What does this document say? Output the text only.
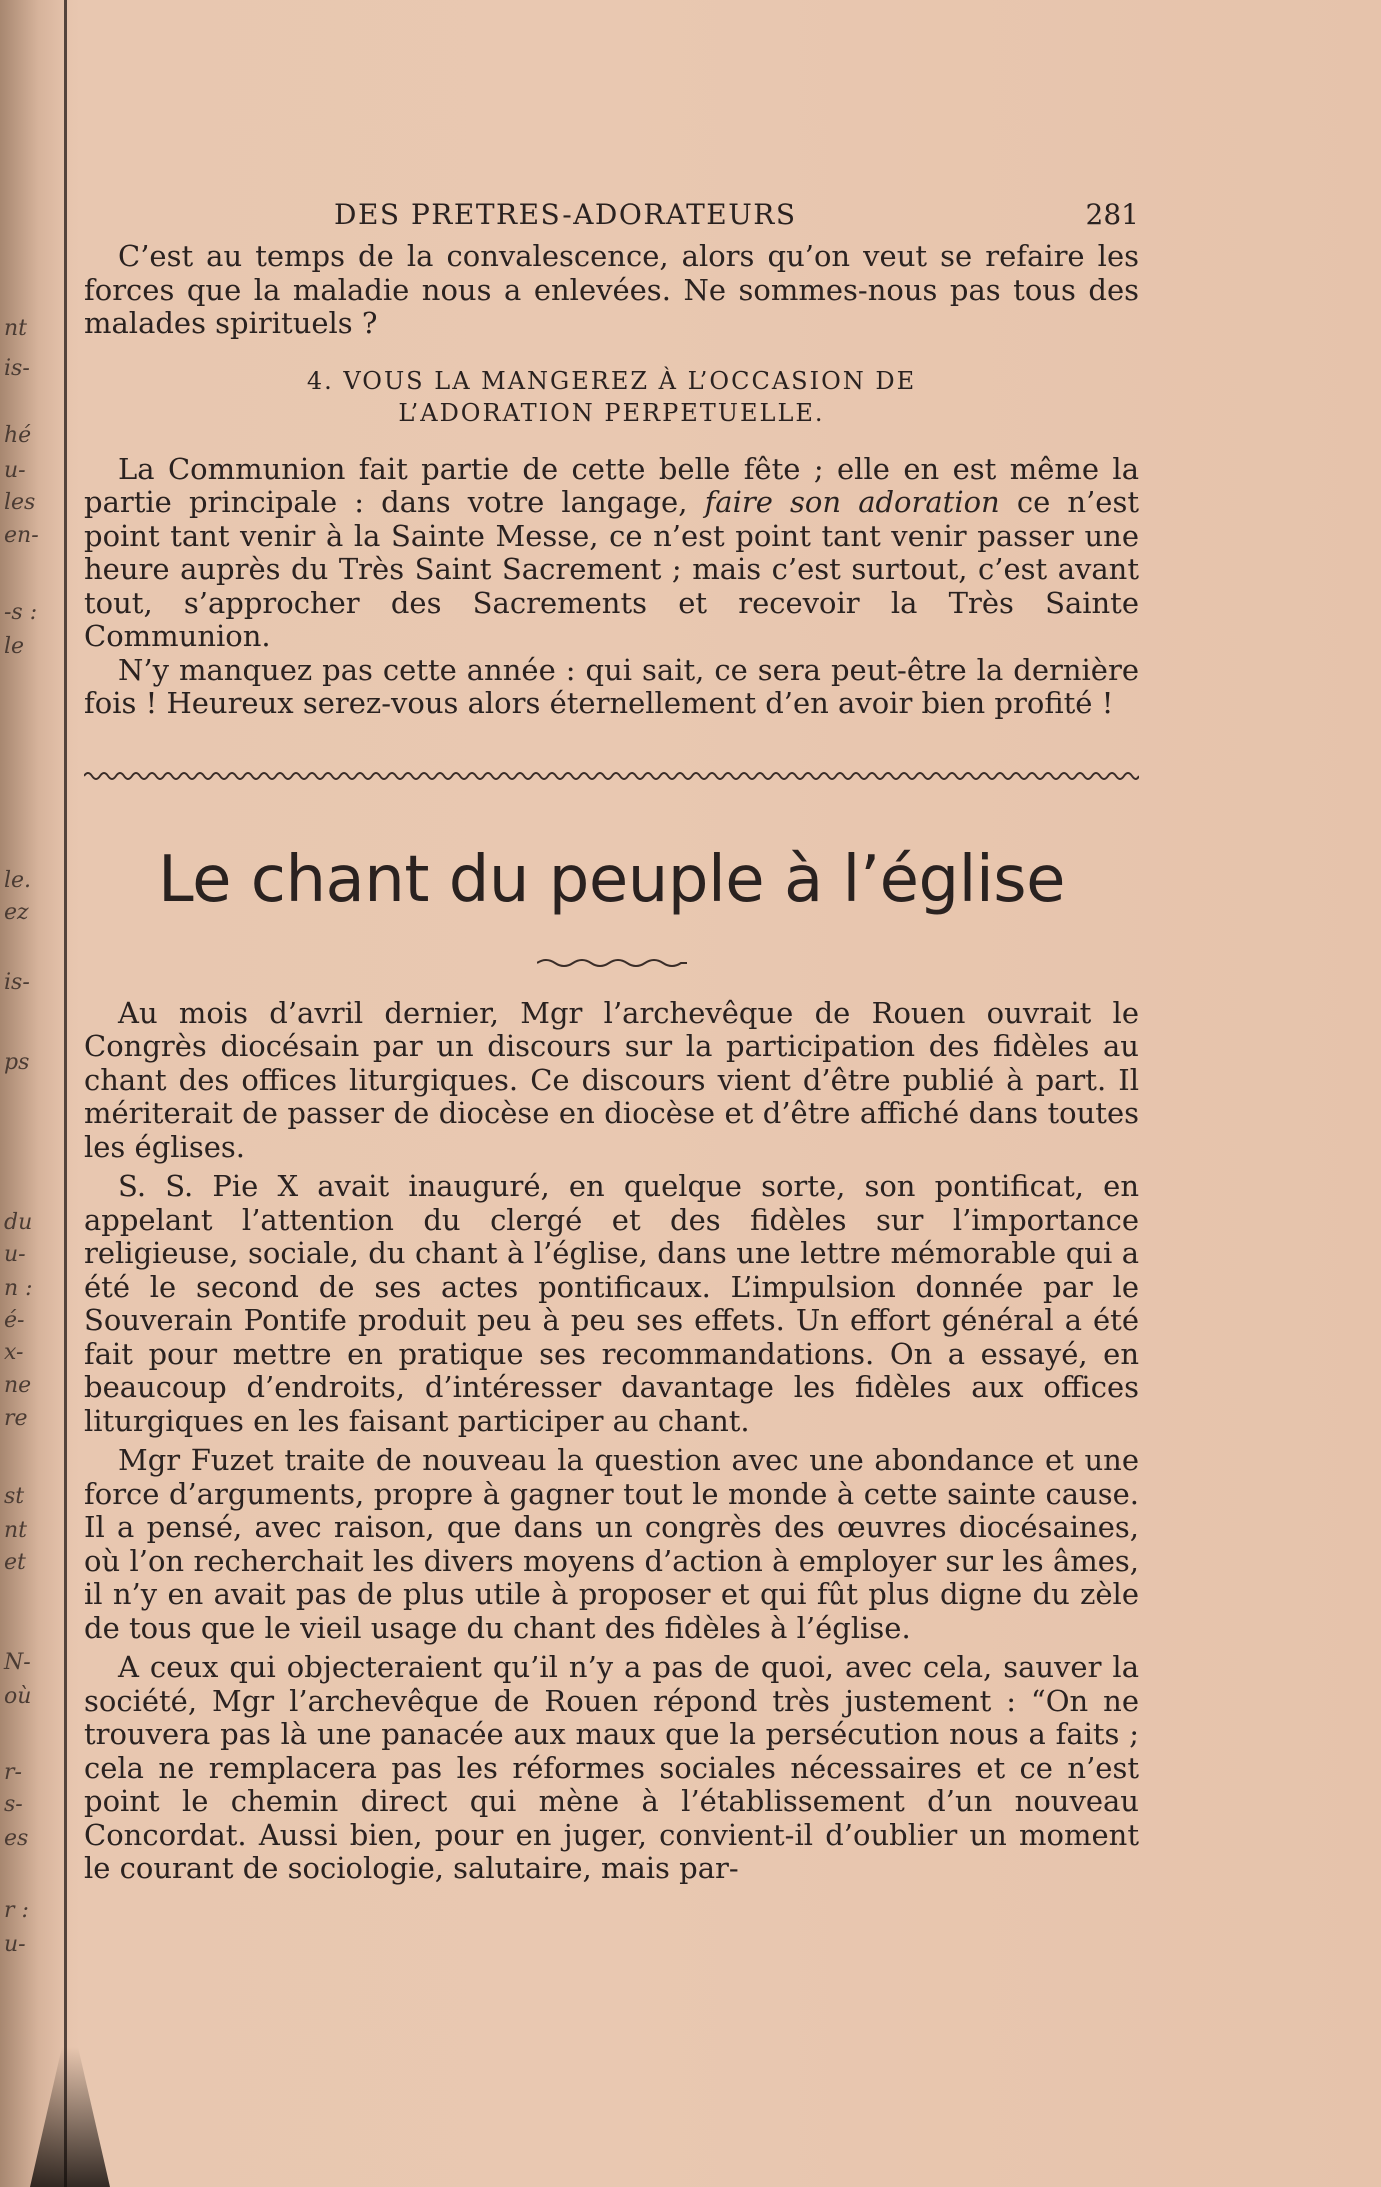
nt
is-
hé
u-
les
en-
-s :
le
le.
ez
is-
ps
du
u-
n :
é-
x-
ne
re
st
nt
et
N-
où
r-
s-
es
r :
u-
DES PRETRES-ADORATEURS	281

C’est au temps de la convalescence, alors qu’on veut se refaire les forces que la maladie nous a enlevées. Ne sommes-nous pas tous des malades spirituels ?

4. VOUS LA MANGEREZ À L’OCCASION DE
L’ADORATION PERPETUELLE.

La Communion fait partie de cette belle fête ; elle en est même la partie principale : dans votre langage, faire son adoration ce n’est point tant venir à la Sainte Messe, ce n’est point tant venir passer une heure auprès du Très Saint Sacrement ; mais c’est surtout, c’est avant tout, s’approcher des Sacrements et recevoir la Très Sainte Communion.

N’y manquez pas cette année : qui sait, ce sera peut-être la dernière fois ! Heureux serez-vous alors éternellement d’en avoir bien profité !

Le chant du peuple à l’église

Au mois d’avril dernier, Mgr l’archevêque de Rouen ouvrait le Congrès diocésain par un discours sur la participation des fidèles au chant des offices liturgiques. Ce discours vient d’être publié à part. Il mériterait de passer de diocèse en diocèse et d’être affiché dans toutes les églises.

S. S. Pie X avait inauguré, en quelque sorte, son pontificat, en appelant l’attention du clergé et des fidèles sur l’importance religieuse, sociale, du chant à l’église, dans une lettre mémorable qui a été le second de ses actes pontificaux. L’impulsion donnée par le Souverain Pontife produit peu à peu ses effets. Un effort général a été fait pour mettre en pratique ses recommandations. On a essayé, en beaucoup d’endroits, d’intéresser davantage les fidèles aux offices liturgiques en les faisant participer au chant.

Mgr Fuzet traite de nouveau la question avec une abondance et une force d’arguments, propre à gagner tout le monde à cette sainte cause. Il a pensé, avec raison, que dans un congrès des œuvres diocésaines, où l’on recherchait les divers moyens d’action à employer sur les âmes, il n’y en avait pas de plus utile à proposer et qui fût plus digne du zèle de tous que le vieil usage du chant des fidèles à l’église.

A ceux qui objecteraient qu’il n’y a pas de quoi, avec cela, sauver la société, Mgr l’archevêque de Rouen répond très justement : “On ne trouvera pas là une panacée aux maux que la persécution nous a faits ; cela ne remplacera pas les réformes sociales nécessaires et ce n’est point le chemin direct qui mène à l’établissement d’un nouveau Concordat. Aussi bien, pour en juger, convient-il d’oublier un moment le courant de sociologie, salutaire, mais par-
